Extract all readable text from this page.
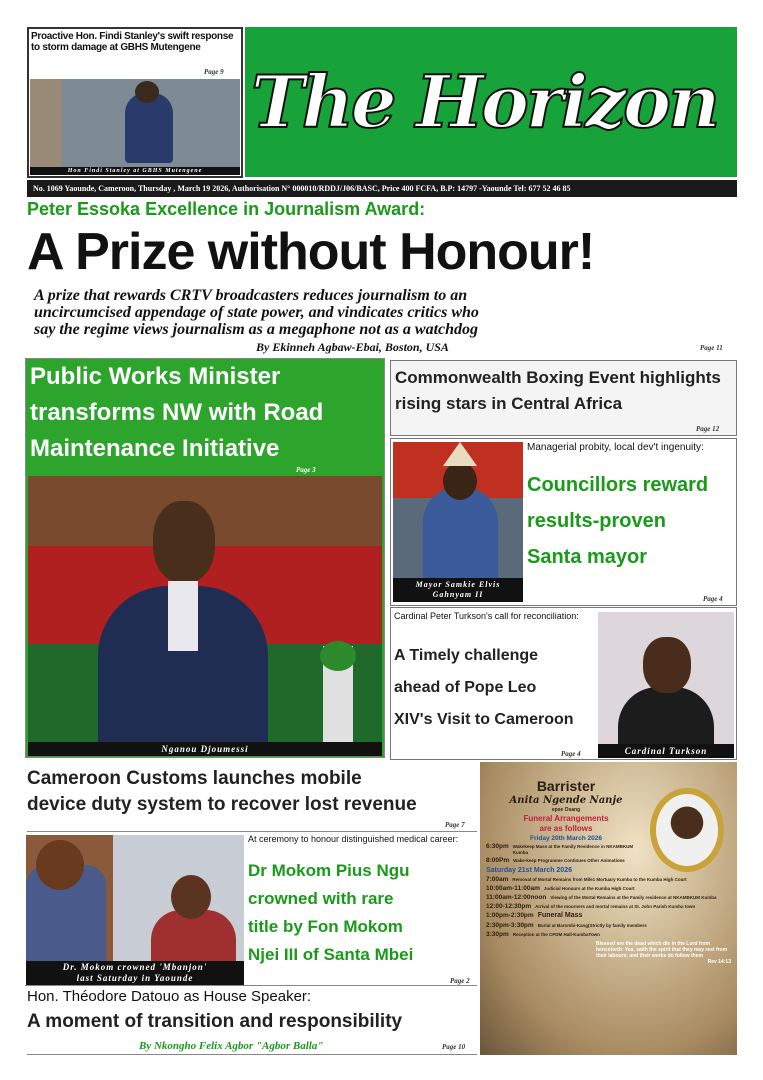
Proactive Hon. Findi Stanley's swift response
to storm damage at GBHS Mutengene
Page 9
Hon Findi Stanley at GBHS Mutengene
The Horizon
No. 1069 Yaounde, Cameroon, Thursday , March 19 2026, Authorisation N° 000010/RDDJ/J06/BASC, Price 400 FCFA, B.P: 14797 -Yaounde Tel: 677 52 46 85
Peter Essoka Excellence in Journalism Award:
A Prize without Honour!
A prize that rewards CRTV broadcasters reduces journalism to an
uncircumcised appendage of state power, and vindicates critics who
say the regime views journalism as a megaphone not as a watchdog
By Ekinneh Agbaw-Ebai, Boston, USA	Page 11
Public Works Minister
transforms NW with Road
Maintenance Initiative
Page 3
Nganou Djoumessi
Commonwealth Boxing Event highlights
rising stars in Central Africa
Page 12
Mayor Samkie Elvis
Gahnyam II
Managerial probity, local dev't ingenuity:
Councillors reward
results-proven
Santa mayor
Page 4
Cardinal Peter Turkson's call for reconciliation:
A Timely challenge
ahead of Pope Leo
XIV's Visit to Cameroon
Page 4	Cardinal Turkson
Cameroon Customs launches mobile
device duty system to recover lost revenue
Page 7
Dr. Mokom crowned 'Mbanjon'
last Saturday in Yaounde
At ceremony to honour distinguished medical career:
Dr Mokom Pius Ngu
crowned with rare
title by Fon Mokom
Njei III of Santa Mbei
Page 2
Hon. Théodore Datouo as House Speaker:
A moment of transition and responsibility
By Nkongho Felix Agbor "Agbor Balla"	Page 10
Barrister
Anita Ngende Nanje
epse Osang
Funeral Arrangements
are as follows
Friday 20th March 2026
6:30pm Wakekeep Mass at the Family Residence in NKAMBKUM Kumba
8:00Pm Wake-keep Programme Continues Other Animations
Saturday 21st March 2026
7:00am Removal of Mortal Remains from Mile1 Mortuary Kumba to the Kumba High Court
10:00am-11:00am Judicial Honours at the Kumba High Court
11:00am-12:00noon Viewing of the Mortal Remains at the Family residence at NKAMBKUM Kumba
12:00-12:30pm Arrival of the mourners and mortal remains at St. John Parish Kumba town
1:00pm-2:30pm Funeral Mass
2:30pm-3:30pm Burial at Barombi-Kang(Strictly by family members
3:30pm Reception at the CPDM Hall-KumbaTown
Blessed are the dead which die in the Lord from henceforth: Yea, saith the spirit that they may rest from their labours; and their works do follow them
Rev 14:13
